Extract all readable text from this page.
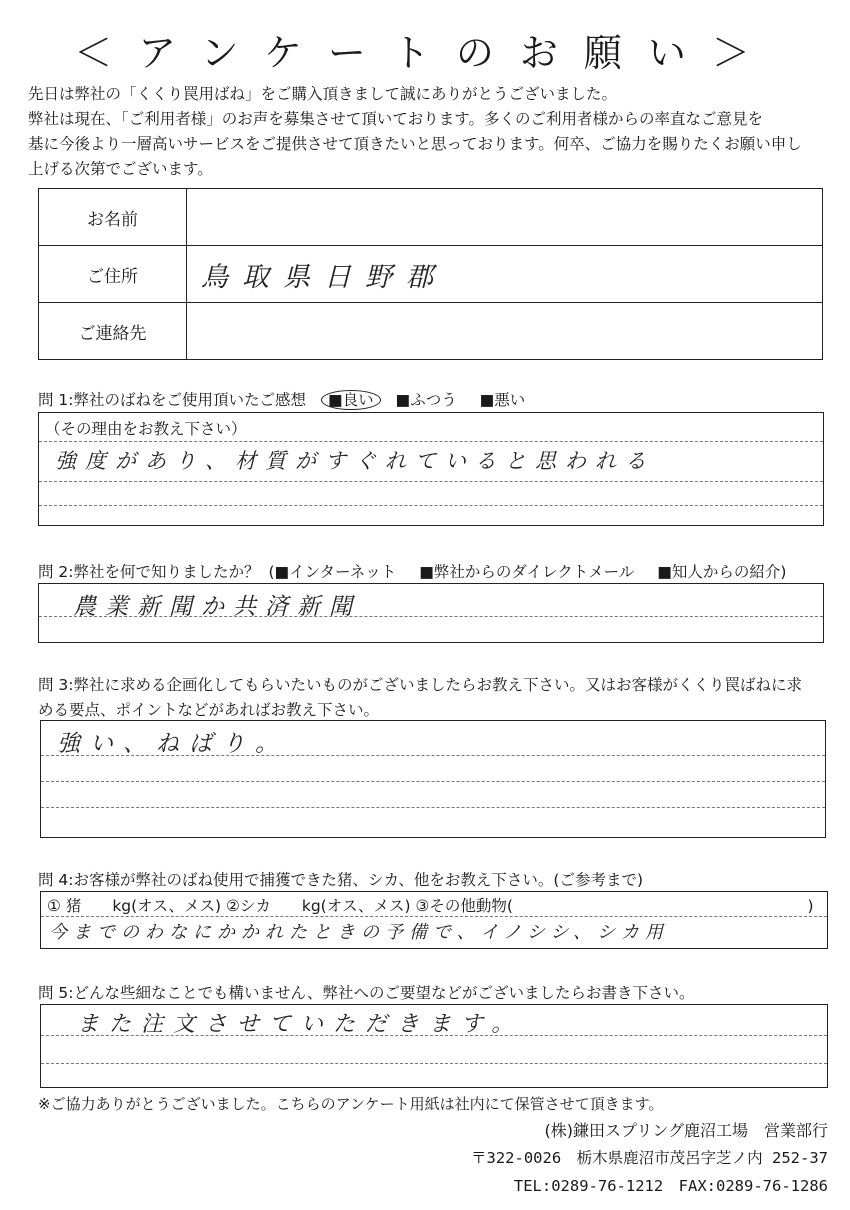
＜アンケートのお願い＞

先日は弊社の「くくり罠用ばね」をご購入頂きまして誠にありがとうございました。

弊社は現在、「ご利用者様」のお声を募集させて頂いております。多くのご利用者様からの率直なご意見を

基に今後より一層高いサービスをご提供させて頂きたいと思っております。何卒、ご協力を賜りたくお願い申し

上げる次第でございます。

お名前	
ご住所	鳥取県日野郡
ご連絡先	
問 1:弊社のばねをご使用頂いたご感想 ■良い ■ふつう ■悪い
（その理由をお教え下さい）
強度があり、材質がすぐれていると思われる
問 2:弊社を何で知りましたか？ (■インターネット ■弊社からのダイレクトメール ■知人からの紹介)
農業新聞か共済新聞
問 3:弊社に求める企画化してもらいたいものがございましたらお教え下さい。又はお客様がくくり罠ばねに求
める要点、ポイントなどがあればお教え下さい。
強い、ねばり。
問 4:お客様が弊社のばね使用で捕獲できた猪、シカ、他をお教え下さい。(ご参考まで)
① 猪　　kg(オス、メス) ②シカ　　kg(オス、メス) ③その他動物(　　　　　　　　　　　　　　　　　　　)
今までのわなにかかれたときの予備で、イノシシ、シカ用
問 5:どんな些細なことでも構いません、弊社へのご要望などがございましたらお書き下さい。
また注文させていただきます。
※ご協力ありがとうございました。こちらのアンケート用紙は社内にて保管させて頂きます。
(株)鎌田スプリング鹿沼工場　営業部行
〒322-0026　栃木県鹿沼市茂呂字芝ノ内 252-37
TEL:0289-76-1212　FAX:0289-76-1286
